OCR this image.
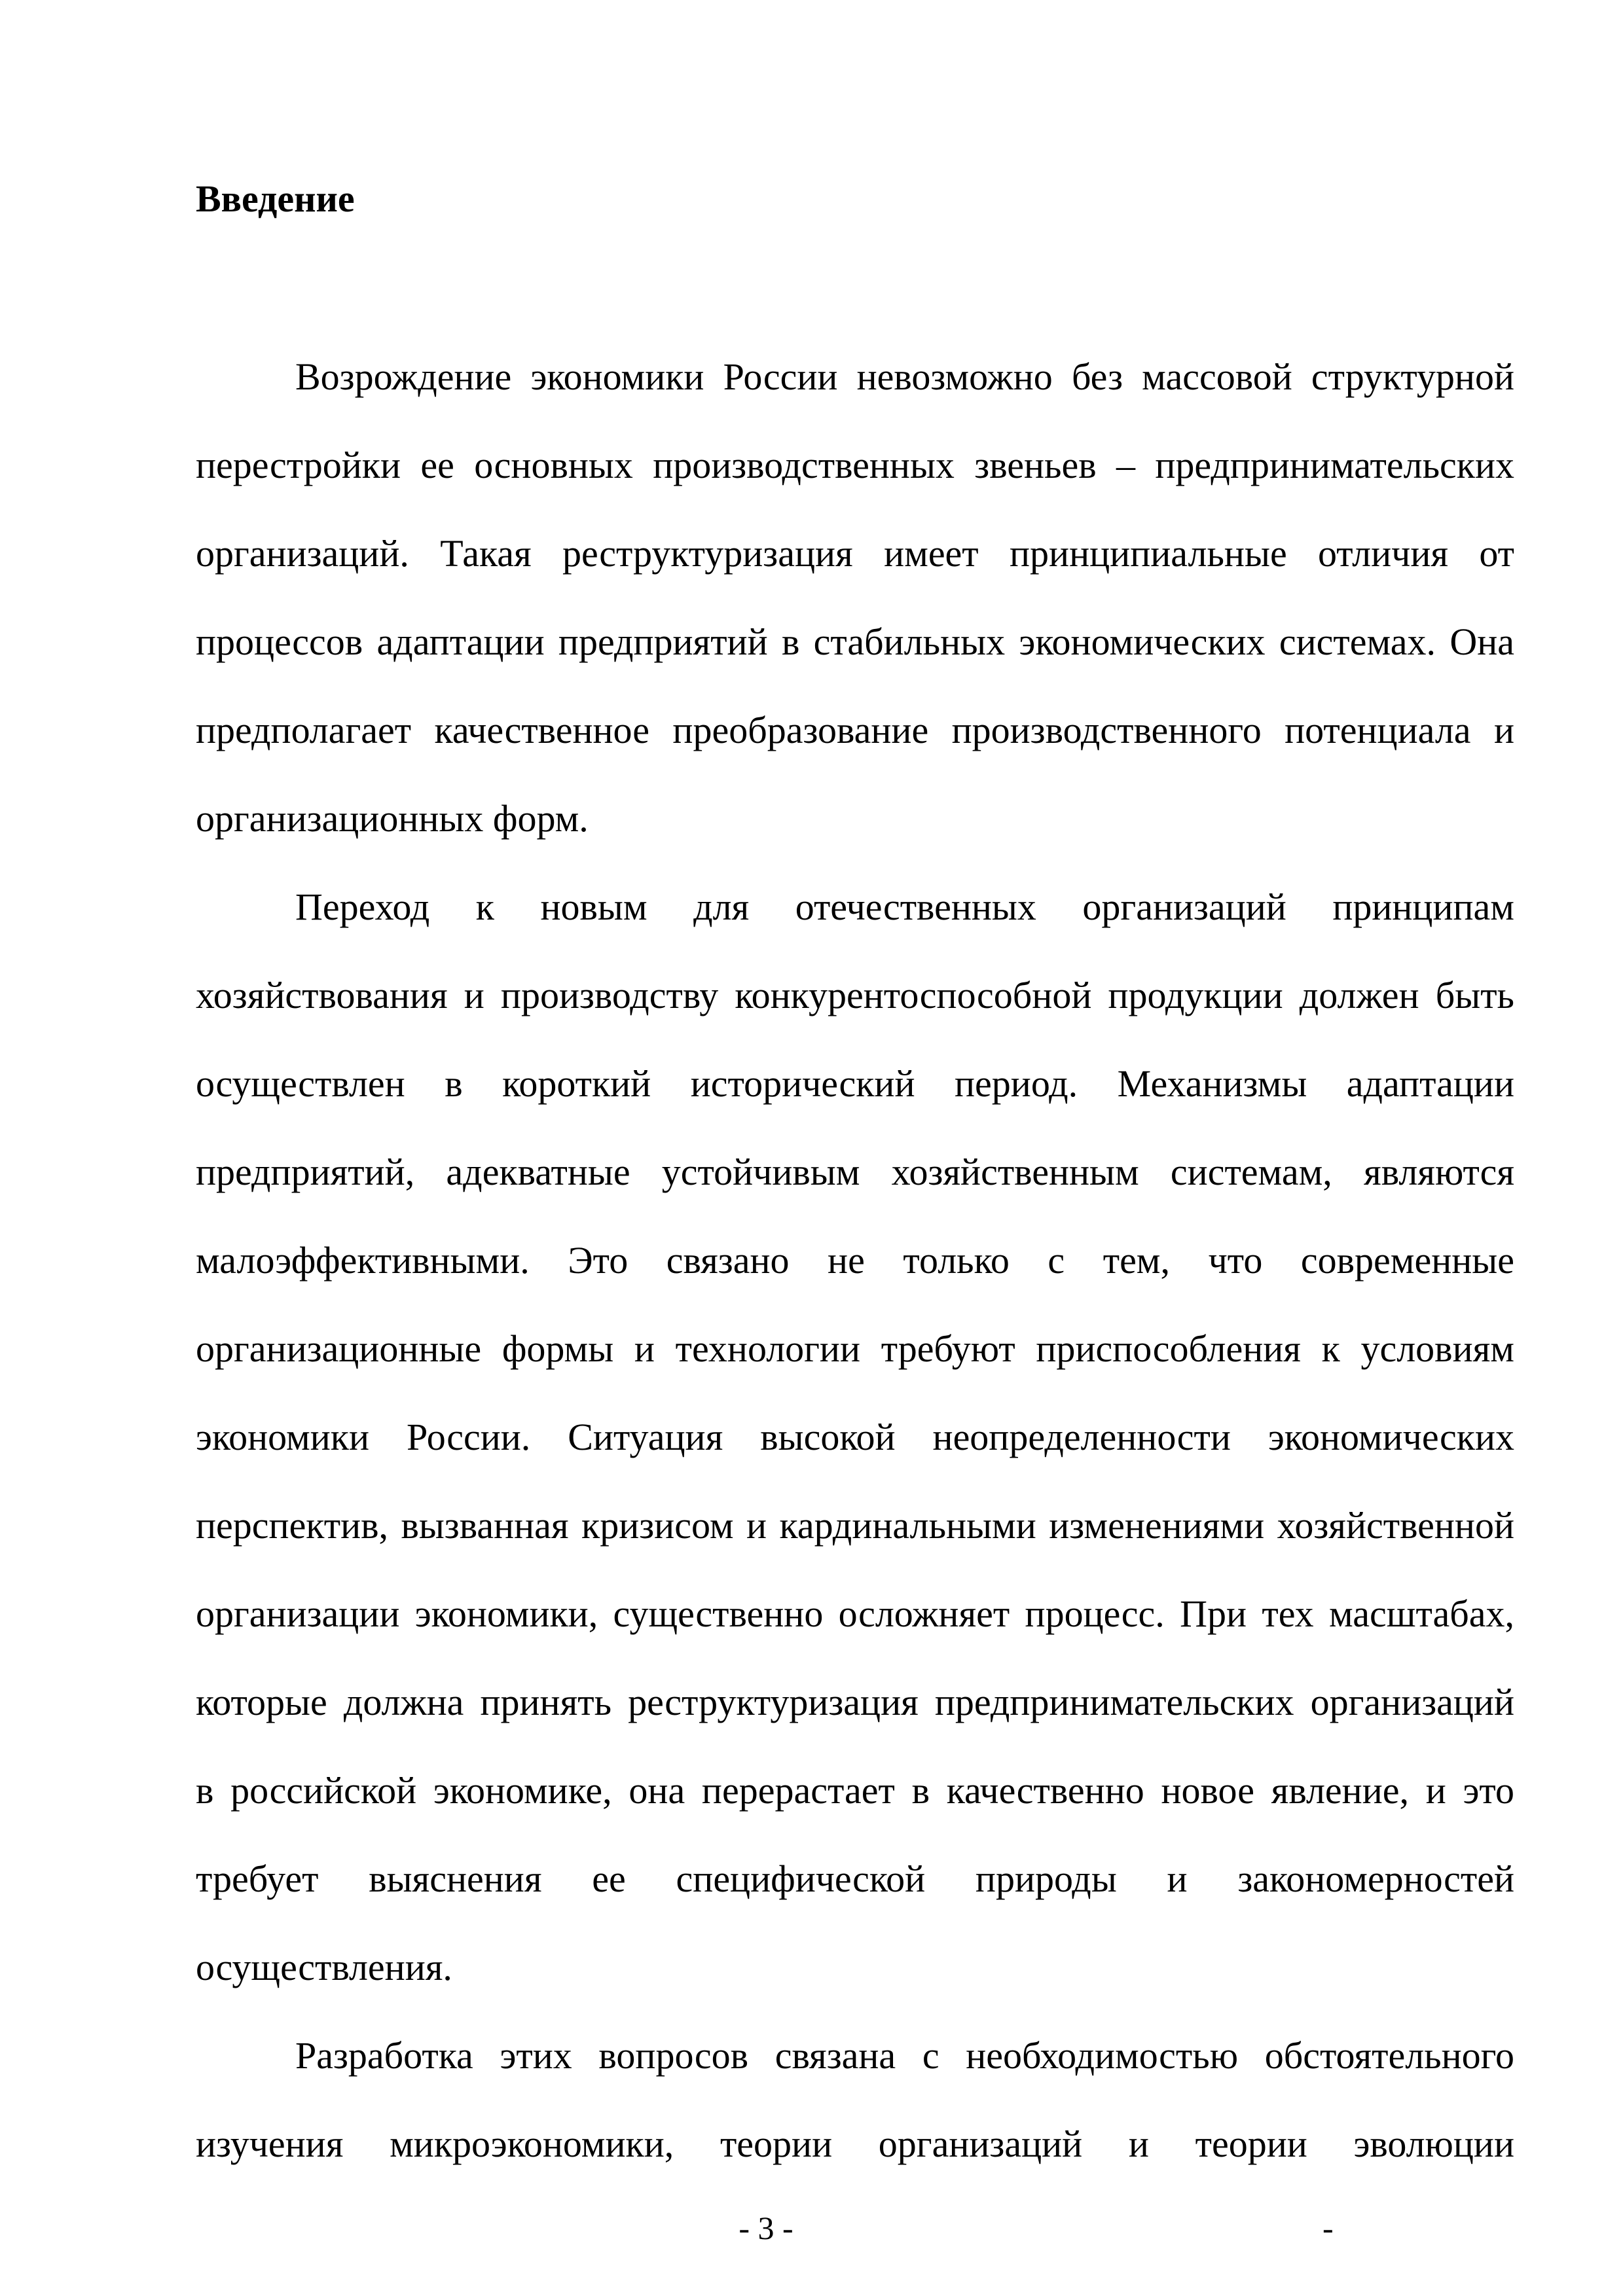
Введение
Возрождение экономики России невозможно без массовой структурной
перестройки ее основных производственных звеньев – предпринимательских
организаций. Такая реструктуризация имеет принципиальные отличия от
процессов адаптации предприятий в стабильных экономических системах. Она
предполагает качественное преобразование производственного потенциала и
организационных форм.
Переход к новым для отечественных организаций принципам
хозяйствования и производству конкурентоспособной продукции должен быть
осуществлен в короткий исторический период. Механизмы адаптации
предприятий, адекватные устойчивым хозяйственным системам, являются
малоэффективными. Это связано не только с тем, что современные
организационные формы и технологии требуют приспособления к условиям
экономики России. Ситуация высокой неопределенности экономических
перспектив, вызванная кризисом и кардинальными изменениями хозяйственной
организации экономики, существенно осложняет процесс. При тех масштабах,
которые должна принять реструктуризация предпринимательских организаций
в российской экономике, она перерастает в качественно новое явление, и это
требует выяснения ее специфической природы и закономерностей
осуществления.
Разработка этих вопросов связана с необходимостью обстоятельного
изучения микроэкономики, теории организаций и теории эволюции
- 3 -	-
